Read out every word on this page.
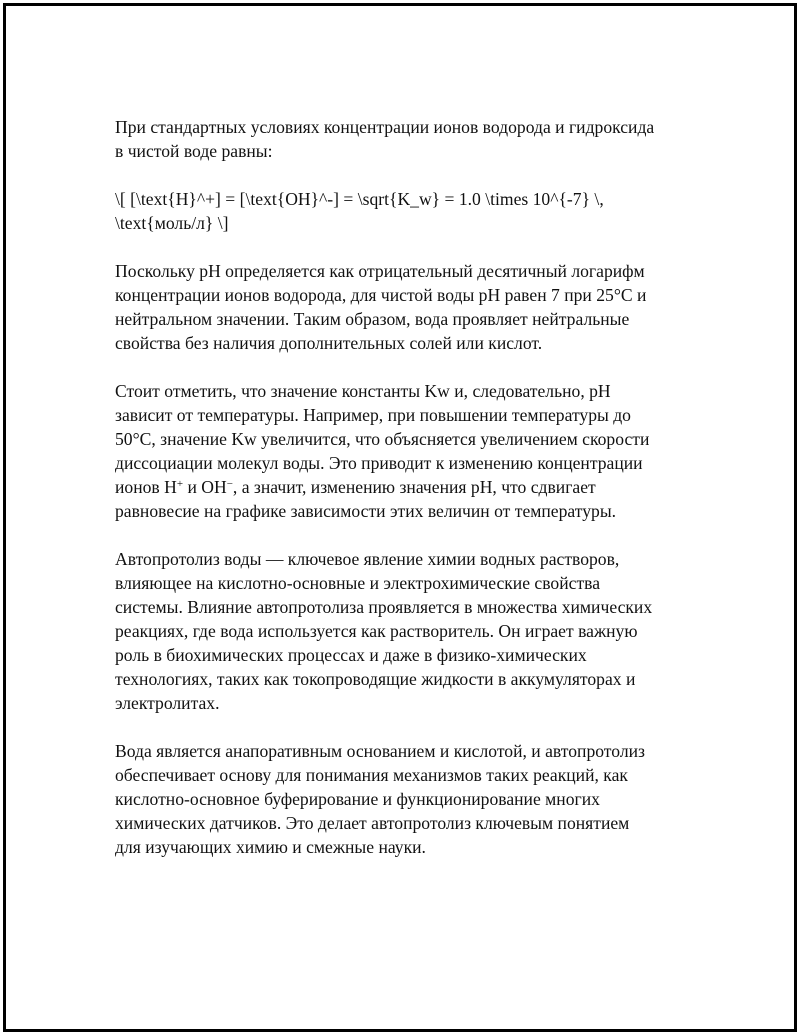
При стандартных условиях концентрации ионов водорода и гидроксида
в чистой воде равны:
\[ [\text{H}^+] = [\text{OH}^-] = \sqrt{K_w} = 1.0 \times 10^{-7} \,
\text{моль/л} \]
Поскольку pH определяется как отрицательный десятичный логарифм
концентрации ионов водорода, для чистой воды pH равен 7 при 25°C и
нейтральном значении. Таким образом, вода проявляет нейтральные
свойства без наличия дополнительных солей или кислот.
Стоит отметить, что значение константы Kw и, следовательно, pH
зависит от температуры. Например, при повышении температуры до
50°C, значение Kw увеличится, что объясняется увеличением скорости
диссоциации молекул воды. Это приводит к изменению концентрации
ионов H+ и OH−, а значит, изменению значения pH, что сдвигает
равновесие на графике зависимости этих величин от температуры.
Автопротолиз воды — ключевое явление химии водных растворов,
влияющее на кислотно-основные и электрохимические свойства
системы. Влияние автопротолиза проявляется в множества химических
реакциях, где вода используется как растворитель. Он играет важную
роль в биохимических процессах и даже в физико-химических
технологиях, таких как токопроводящие жидкости в аккумуляторах и
электролитах.
Вода является анапоративным основанием и кислотой, и автопротолиз
обеспечивает основу для понимания механизмов таких реакций, как
кислотно-основное буферирование и функционирование многих
химических датчиков. Это делает автопротолиз ключевым понятием
для изучающих химию и смежные науки.
